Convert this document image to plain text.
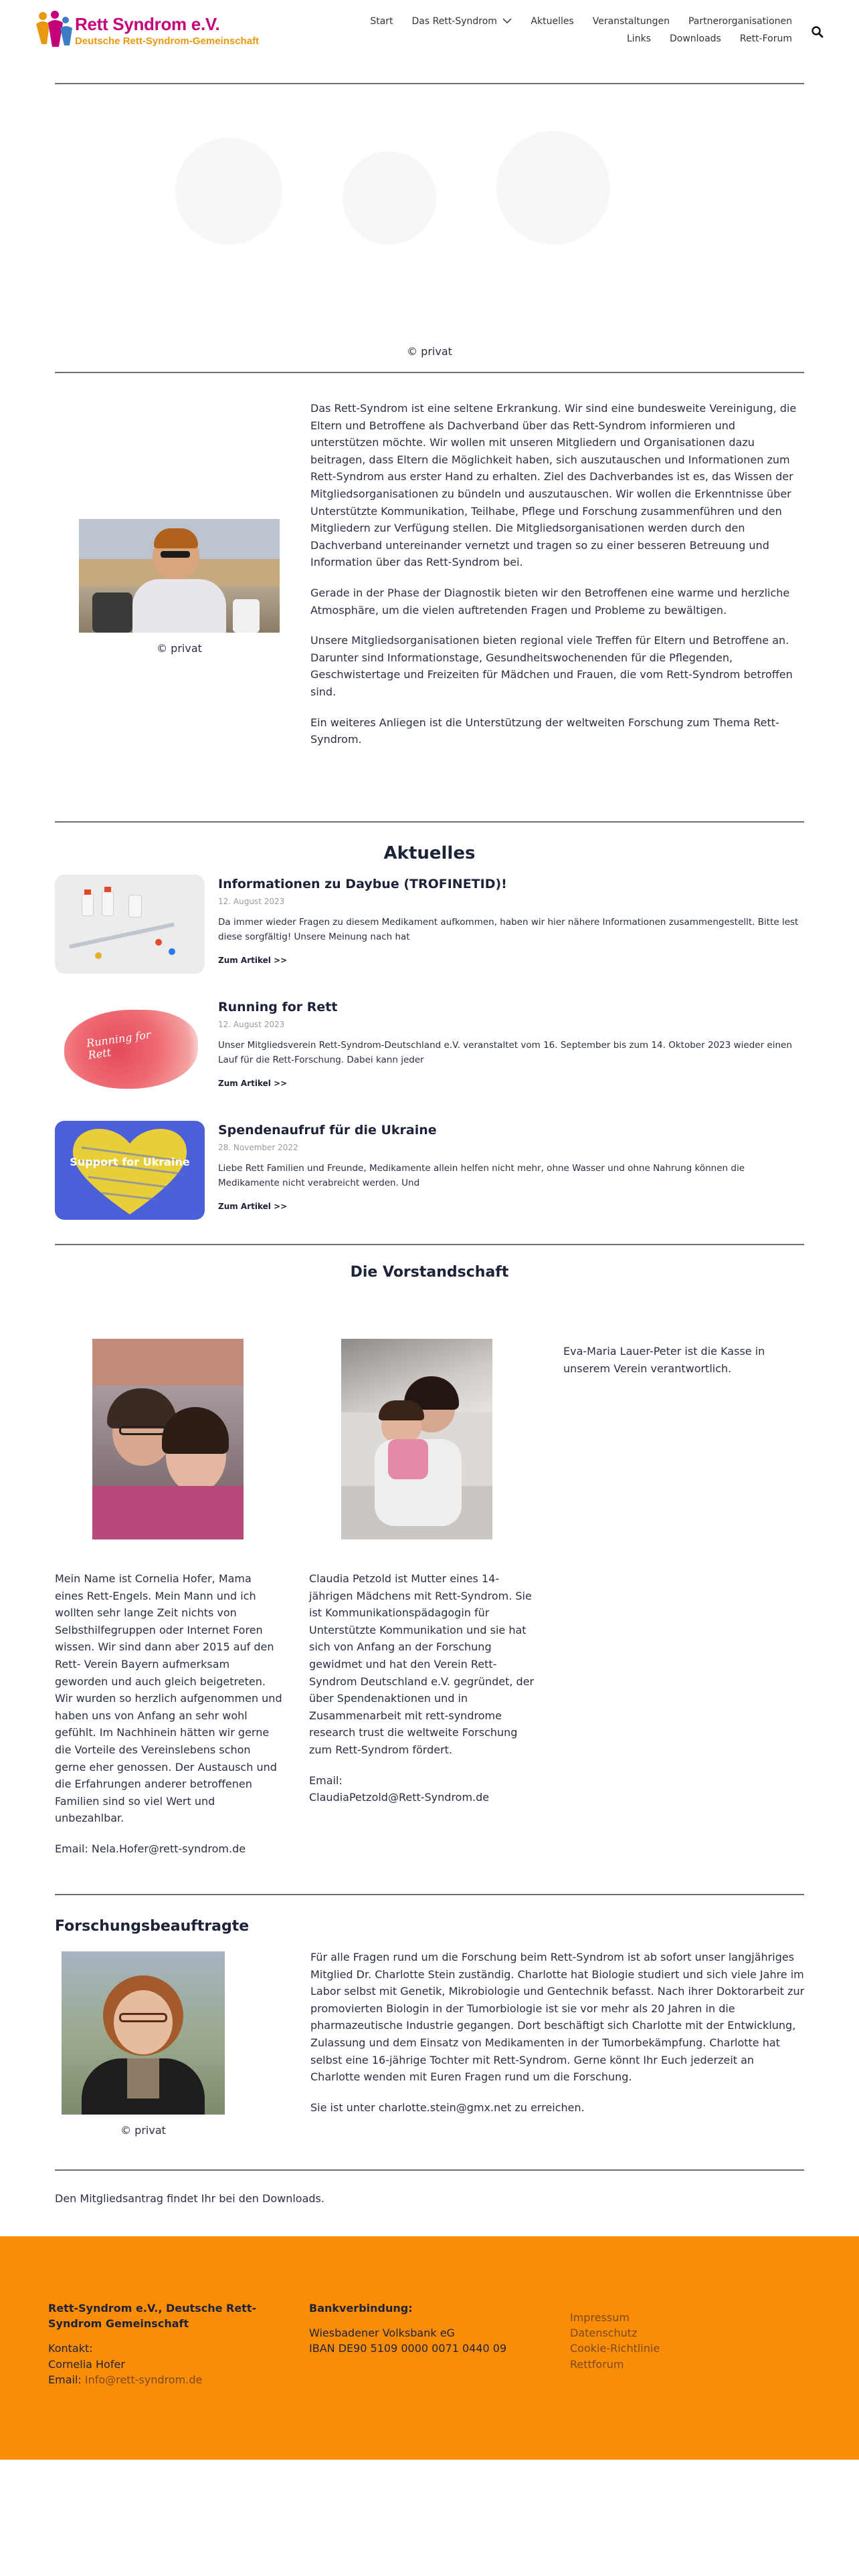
Rett Syndrom e.V.
Deutsche Rett-Syndrom-Gemeinschaft
Start Das Rett-Syndrom	Aktuelles Veranstaltungen Partnerorganisationen
Links Downloads Rett-Forum
© privat
© privat

Das Rett-Syndrom ist eine seltene Erkrankung. Wir sind eine bundesweite Vereinigung, die Eltern und Betroffene als Dachverband über das Rett-Syndrom informieren und unterstützen möchte. Wir wollen mit unseren Mitgliedern und Organisationen dazu beitragen, dass Eltern die Möglichkeit haben, sich auszutauschen und Informationen zum Rett-Syndrom aus erster Hand zu erhalten. Ziel des Dachverbandes ist es, das Wissen der Mitgliedsorganisationen zu bündeln und auszutauschen. Wir wollen die Erkenntnisse über Unterstützte Kommunikation, Teilhabe, Pflege und Forschung zusammenführen und den Mitgliedern zur Verfügung stellen. Die Mitgliedsorganisationen werden durch den Dachverband untereinander vernetzt und tragen so zu einer besseren Betreuung und Information über das Rett-Syndrom bei.

Gerade in der Phase der Diagnostik bieten wir den Betroffenen eine warme und herzliche Atmosphäre, um die vielen auftretenden Fragen und Probleme zu bewältigen.

Unsere Mitgliedsorganisationen bieten regional viele Treffen für Eltern und Betroffene an. Darunter sind Informationstage, Gesundheitswochenenden für die Pflegenden, Geschwistertage und Freizeiten für Mädchen und Frauen, die vom Rett-Syndrom betroffen sind.

Ein weiteres Anliegen ist die Unterstützung der weltweiten Forschung zum Thema Rett-Syndrom.

Aktuelles
Informationen zu Daybue (TROFINETID)!
12. August 2023
Da immer wieder Fragen zu diesem Medikament aufkommen, haben wir hier nähere Informationen zusammengestellt. Bitte lest diese sorgfältig! Unsere Meinung nach hat
Zum Artikel >>
Running for Rett
Running for Rett
12. August 2023
Unser Mitgliedsverein Rett-Syndrom-Deutschland e.V. veranstaltet vom 16. September bis zum 14. Oktober 2023 wieder einen Lauf für die Rett-Forschung. Dabei kann jeder
Zum Artikel >>
Support for Ukraine
Spendenaufruf für die Ukraine
28. November 2022
Liebe Rett Familien und Freunde, Medikamente allein helfen nicht mehr, ohne Wasser und ohne Nahrung können die Medikamente nicht verabreicht werden. Und
Zum Artikel >>
Die Vorstandschaft

Mein Name ist Cornelia Hofer, Mama eines Rett-Engels. Mein Mann und ich wollten sehr lange Zeit nichts von Selbsthilfegruppen oder Internet Foren wissen. Wir sind dann aber 2015 auf den Rett- Verein Bayern aufmerksam geworden und auch gleich beigetreten. Wir wurden so herzlich aufgenommen und haben uns von Anfang an sehr wohl gefühlt. Im Nachhinein hätten wir gerne die Vorteile des Vereinslebens schon gerne eher genossen. Der Austausch und die Erfahrungen anderer betroffenen Familien sind so viel Wert und unbezahlbar.

Email: Nela.Hofer@rett-syndrom.de

Claudia Petzold ist Mutter eines 14-jährigen Mädchens mit Rett-Syndrom. Sie ist Kommunikationspädagogin für Unterstützte Kommunikation und sie hat sich von Anfang an der Forschung gewidmet und hat den Verein Rett-Syndrom Deutschland e.V. gegründet, der über Spendenaktionen und in Zusammenarbeit mit rett-syndrome research trust die weltweite Forschung zum Rett-Syndrom fördert.

Email:
ClaudiaPetzold@Rett-Syndrom.de

Eva-Maria Lauer-Peter ist die Kasse in unserem Verein verantwortlich.

Forschungsbeauftragte
© privat

Für alle Fragen rund um die Forschung beim Rett-Syndrom ist ab sofort unser langjähriges Mitglied Dr. Charlotte Stein zuständig. Charlotte hat Biologie studiert und sich viele Jahre im Labor selbst mit Genetik, Mikrobiologie und Gentechnik befasst. Nach ihrer Doktorarbeit zur promovierten Biologin in der Tumorbiologie ist sie vor mehr als 20 Jahren in die pharmazeutische Industrie gegangen. Dort beschäftigt sich Charlotte mit der Entwicklung, Zulassung und dem Einsatz von Medikamenten in der Tumorbekämpfung. Charlotte hat selbst eine 16-jährige Tochter mit Rett-Syndrom. Gerne könnt Ihr Euch jederzeit an Charlotte wenden mit Euren Fragen rund um die Forschung.

Sie ist unter charlotte.stein@gmx.net zu erreichen.

Den Mitgliedsantrag findet Ihr bei den Downloads.

Rett-Syndrom e.V., Deutsche Rett-Syndrom Gemeinschaft
Kontakt:
Cornelia Hofer
Email: Info@rett-syndrom.de
Bankverbindung:
Wiesbadener Volksbank eG
IBAN DE90 5109 0000 0071 0440 09
Impressum
Datenschutz
Cookie-Richtlinie
Rettforum
